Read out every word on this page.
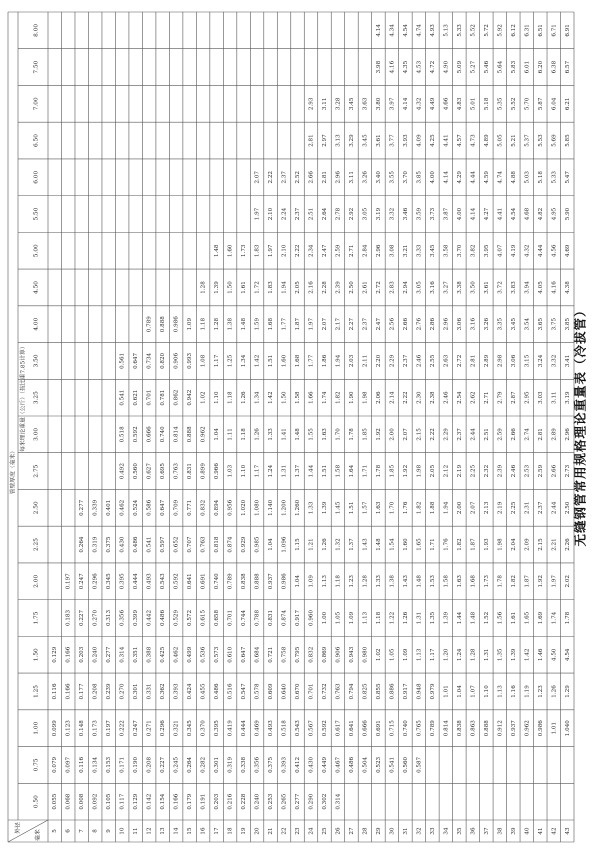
无缝钢管常用规格理论重量表（冷拔管）
外径
毫米
管壁厚度（毫米）
每米理论重量（公斤）（按比重7.85计算）
0.50
0.75
1.00
1.25
1.50
1.75
2.00
2.25
2.50
2.75
3.00
3.25
3.50
4.00
4.50
5.00
5.50
6.00
6.50
7.00
7.50
8.00
5
0.055
0.079
0.099
0.116
0.129
6
0.068
0.097
0.123
0.166
0.166
0.183
0.197
7
0.008
0.116
0.148
0.177
0.203
0.227
0.247
0.264
0.277
8
0.092
0.134
0.173
0.208
0.240
0.270
0.296
0.319
0.339
9
0.105
0.153
0.197
0.239
0.277
0.313
0.345
0.375
0.401
10
0.117
0.171
0.222
0.270
0.314
0.356
0.395
0.430
0.462
0.492
0.518
0.541
0.561
11
0.129
0.190
0.247
0.301
0.351
0.399
0.444
0.486
0.524
0.560
0.592
0.621
0.647
12
0.142
0.208
0.271
0.331
0.388
0.442
0.493
0.541
0.586
0.627
0.666
0.701
0.734
0.789
13
0.154
0.227
0.296
0.362
0.425
0.486
0.543
0.597
0.647
0.695
0.740
0.781
0.820
0.888
14
0.166
0.245
0.321
0.393
0.462
0.529
0.592
0.652
0.709
0.763
0.814
0.862
0.906
0.986
15
0.179
0.264
0.345
0.424
0.499
0.572
0.641
0.707
0.771
0.831
0.888
0.942
0.993
1.09
16
0.191
0.282
0.370
0.455
0.536
0.615
0.691
0.763
0.832
0.899
0.962
1.02
1.08
1.18
1.28
17
0.203
0.301
0.395
0.486
0.573
0.658
0.740
0.818
0.894
0.966
1.04
1.10
1.17
1.28
1.39
1.48
18
0.216
0.319
0.419
0.516
0.610
0.701
0.789
0.874
0.956
1.03
1.11
1.18
1.25
1.38
1.50
1.60
19
0.228
0.338
0.444
0.547
0.647
0.744
0.838
0.929
1.020
1.10
1.18
1.26
1.34
1.48
1.61
1.73
20
0.240
0.356
0.469
0.578
0.684
0.788
0.888
0.985
1.080
1.17
1.26
1.34
1.42
1.59
1.72
1.83
1.97
2.07
21
0.253
0.375
0.493
0.609
0.721
0.831
0.937
1.04
1.140
1.24
1.33
1.42
1.51
1.68
1.83
1.97
2.10
2.22
22
0.265
0.393
0.518
0.640
0.758
0.874
0.986
1.096
1.200
1.31
1.41
1.50
1.60
1.77
1.94
2.10
2.24
2.37
23
0.277
0.412
0.543
0.670
0.795
0.917
1.04
1.15
1.260
1.37
1.48
1.58
1.68
1.87
2.05
2.22
2.37
2.52
24
0.290
0.430
0.567
0.701
0.832
0.960
1.09
1.21
1.33
1.44
1.55
1.66
1.77
1.97
2.16
2.34
2.51
2.66
2.81
2.93
25
0.302
0.449
0.592
0.732
0.869
1.00
1.13
1.26
1.39
1.51
1.63
1.74
1.86
2.07
2.28
2.47
2.64
2.81
2.97
3.11
26
0.314
0.467
0.617
0.763
0.906
1.05
1.18
1.32
1.45
1.58
1.70
1.82
1.94
2.17
2.39
2.59
2.78
2.96
3.13
3.28
27
0.486
0.641
0.794
0.943
1.09
1.23
1.37
1.51
1.64
1.78
1.90
2.03
2.27
2.50
2.71
2.92
3.11
3.29
3.45
28
0.504
0.666
0.825
0.980
1.13
1.28
1.43
1.57
1.71
1.85
1.98
2.11
2.37
2.61
2.84
3.05
3.26
3.45
3.63
29
0.523
0.691
0.855
1.02
1.18
1.33
1.48
1.63
1.78
1.92
2.06
2.20
2.47
2.72
2.96
3.19
3.40
3.61
3.80
3.98
4.14
30
0.541
0.715
0.886
1.05
1.22
1.38
1.54
1.70
1.85
2.00
2.14
2.29
2.56
2.83
3.08
3.32
3.55
3.77
3.97
4.16
4.34
31
0.560
0.740
0.917
1.09
1.26
1.43
1.60
1.76
1.92
2.07
2.22
2.37
2.66
2.94
3.21
3.46
3.70
3.93
4.14
4.35
4.54
32
0.587
0.765
0.948
1.13
1.31
1.48
1.65
1.82
1.98
2.15
2.30
2.46
2.76
3.05
3.33
3.59
3.85
4.09
4.32
4.53
4.74
33
0.789
0.979
1.17
1.35
1.53
1.71
1.88
2.05
2.22
2.38
2.55
2.86
3.16
3.45
3.73
4.00
4.25
4.49
4.72
4.93
34
0.814
1.01
1.20
1.39
1.58
1.76
1.94
2.12
2.29
2.46
2.63
2.96
3.27
3.58
3.87
4.14
4.41
4.66
4.90
5.13
35
0.838
1.04
1.24
1.44
1.63
1.82
2.00
2.19
2.37
2.54
2.72
3.06
3.38
3.70
4.00
4.29
4.57
4.83
5.09
5.33
36
0.863
1.07
1.28
1.48
1.68
1.87
2.07
2.25
2.44
2.62
2.81
3.16
3.50
3.82
4.14
4.44
4.73
5.01
5.27
5.52
37
0.888
1.10
1.31
1.52
1.73
1.93
2.13
2.32
2.51
2.71
2.89
3.26
3.61
3.95
4.27
4.59
4.89
5.18
5.46
5.72
38
0.912
1.13
1.35
1.56
1.78
1.98
2.19
2.39
2.59
2.79
2.98
3.35
3.72
4.07
4.41
4.74
5.05
5.35
5.64
5.92
39
0.937
1.16
1.39
1.61
1.82
2.04
2.25
2.46
2.66
2.87
3.06
3.45
3.83
4.19
4.54
4.88
5.21
5.52
5.83
6.12
40
0.962
1.19
1.42
1.65
1.87
2.09
2.31
2.53
2.74
2.95
3.15
3.54
3.94
4.32
4.68
5.03
5.37
5.70
6.01
6.31
41
0.986
1.23
1.46
1.69
1.92
2.15
2.37
2.59
2.81
3.03
3.24
3.65
4.05
4.44
4.82
5.18
5.53
5.87
6.20
6.51
42
1.01
1.26
4.50
1.74
1.97
2.21
2.44
2.66
2.89
3.11
3.32
3.75
4.16
4.56
4.95
5.33
5.69
6.04
6.38
6.71
43
1.040
1.29
4.54
1.78
2.02
2.26
2.50
2.73
2.96
3.19
3.41
3.85
4.38
4.69
5.90
5.47
5.85
6.21
6.57
6.91
